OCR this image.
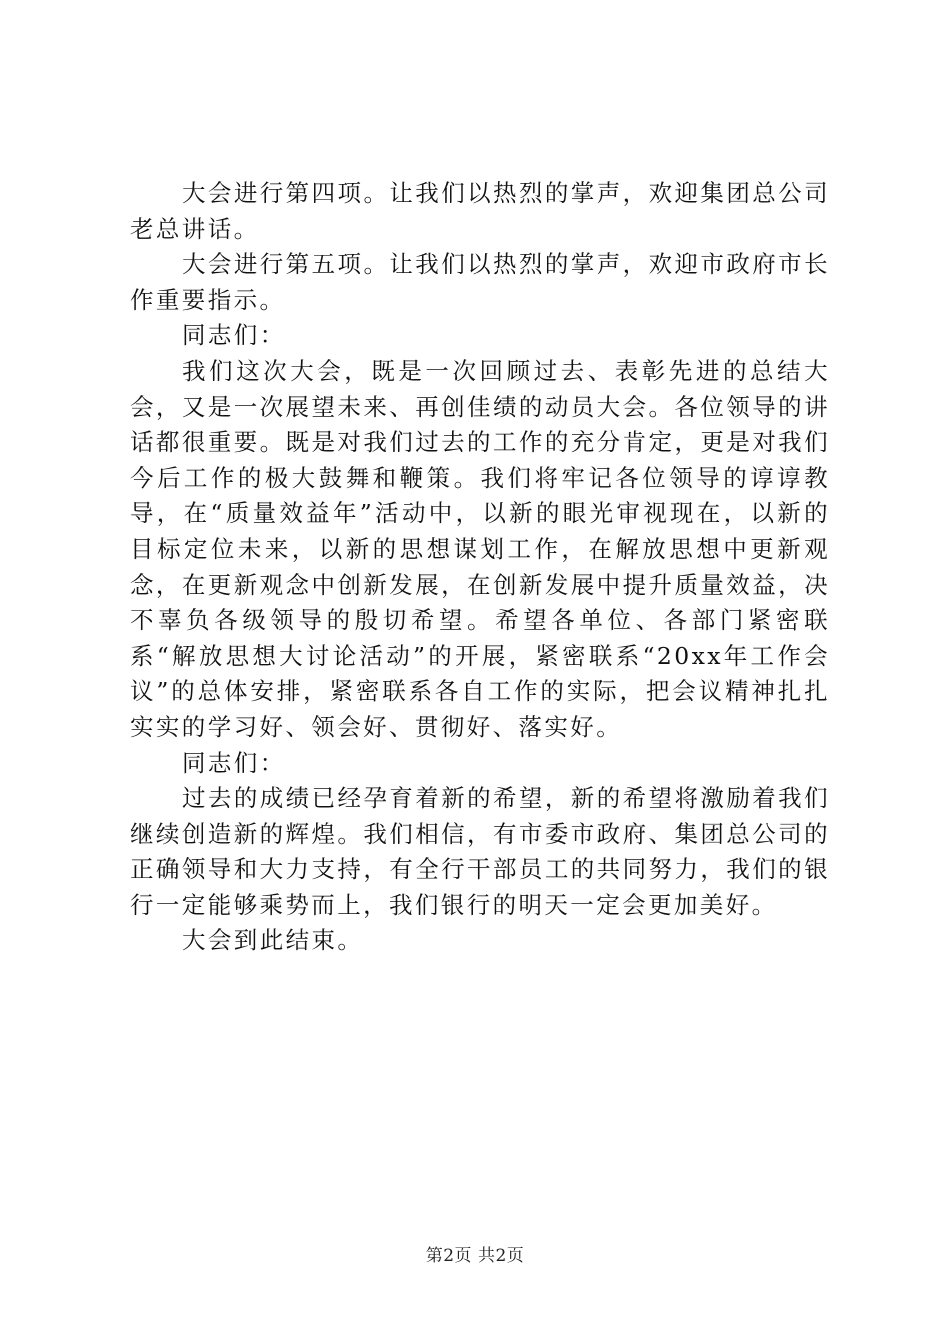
大会进行第四项。让我们以热烈的掌声，欢迎集团总公司老总讲话。

大会进行第五项。让我们以热烈的掌声，欢迎市政府市长作重要指示。

同志们：

我们这次大会，既是一次回顾过去、表彰先进的总结大会，又是一次展望未来、再创佳绩的动员大会。各位领导的讲话都很重要。既是对我们过去的工作的充分肯定，更是对我们今后工作的极大鼓舞和鞭策。我们将牢记各位领导的谆谆教导，在“质量效益年”活动中，以新的眼光审视现在，以新的目标定位未来，以新的思想谋划工作，在解放思想中更新观念，在更新观念中创新发展，在创新发展中提升质量效益，决不辜负各级领导的殷切希望。希望各单位、各部门紧密联系“解放思想大讨论活动”的开展，紧密联系“20xx年工作会议”的总体安排，紧密联系各自工作的实际，把会议精神扎扎实实的学习好、领会好、贯彻好、落实好。

同志们：

过去的成绩已经孕育着新的希望，新的希望将激励着我们继续创造新的辉煌。我们相信，有市委市政府、集团总公司的正确领导和大力支持，有全行干部员工的共同努力，我们的银行一定能够乘势而上，我们银行的明天一定会更加美好。

大会到此结束。

第2页 共2页
